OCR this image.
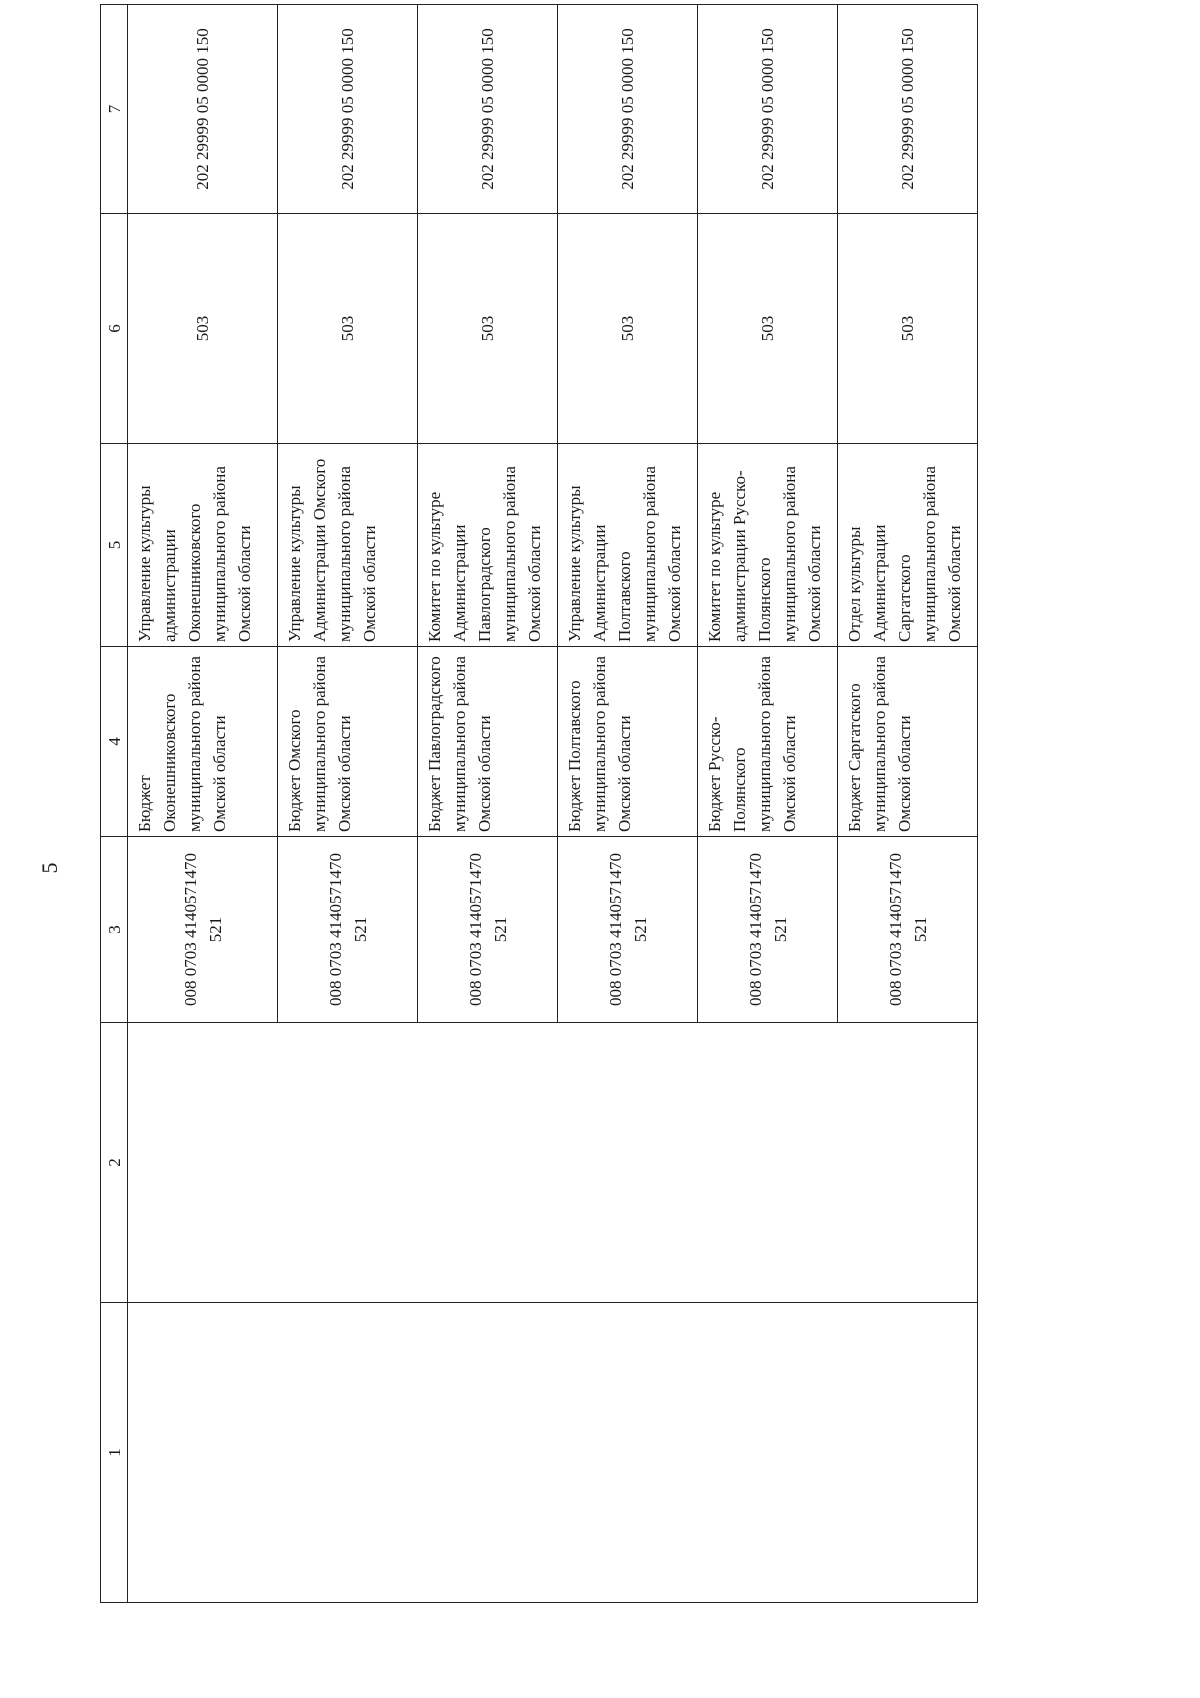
5
1	2	3	4	5	6	7
		008 0703 4140571470 521	Бюджет Оконешниковского муниципального района Омской области	Управление культуры администрации Оконешниковского муниципального района Омской области	503	202 29999 05 0000 150
		008 0703 4140571470 521	Бюджет Омского муниципального района Омской области	Управление культуры Администрации Омского муниципального района Омской области	503	202 29999 05 0000 150
		008 0703 4140571470 521	Бюджет Павлоградского муниципального района Омской области	Комитет по культуре Администрации Павлоградского муниципального района Омской области	503	202 29999 05 0000 150
		008 0703 4140571470 521	Бюджет Полтавского муниципального района Омской области	Управление культуры Администрации Полтавского муниципального района Омской области	503	202 29999 05 0000 150
		008 0703 4140571470 521	Бюджет Русско-Полянского муниципального района Омской области	Комитет по культуре администрации Русско-Полянского муниципального района Омской области	503	202 29999 05 0000 150
		008 0703 4140571470 521	Бюджет Саргатского муниципального района Омской области	Отдел культуры Администрации Саргатского муниципального района Омской области	503	202 29999 05 0000 150
